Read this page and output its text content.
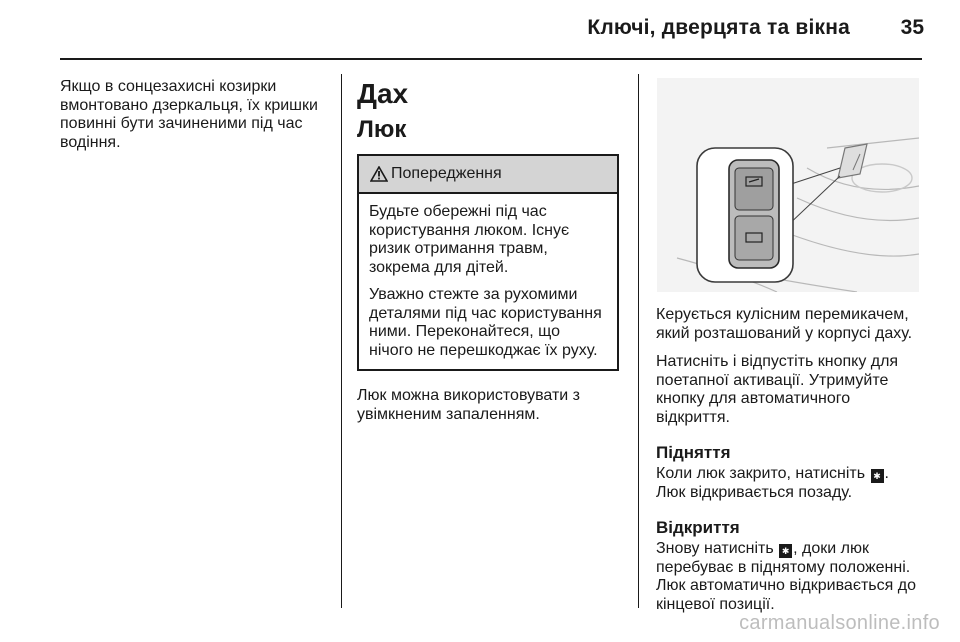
Ключі, дверцята та вікна	35

Якщо в сонцезахисні козирки вмонтовано дзеркальця, їх кришки повинні бути зачиненими під час водіння.

Дах
Люк
Попередження

Будьте обережні під час користування люком. Існує ризик отримання травм, зокрема для дітей.

Уважно стежте за рухомими деталями під час користування ними. Переконайтеся, що нічого не перешкоджає їх руху.

Люк можна використовувати з увімкненим запаленням.

Керується кулісним перемикачем, який розташований у корпусі даху.

Натисніть і відпустіть кнопку для поетапної активації. Утримуйте кнопку для автоматичного відкриття.

Підняття

Коли люк закрито, натисніть ✱ .
Люк відкривається позаду.

Відкриття

Знову натисніть ✱ , доки люк перебуває в піднятому положенні. Люк автоматично відкривається до кінцевої позиції.

carmanualsonline.info
